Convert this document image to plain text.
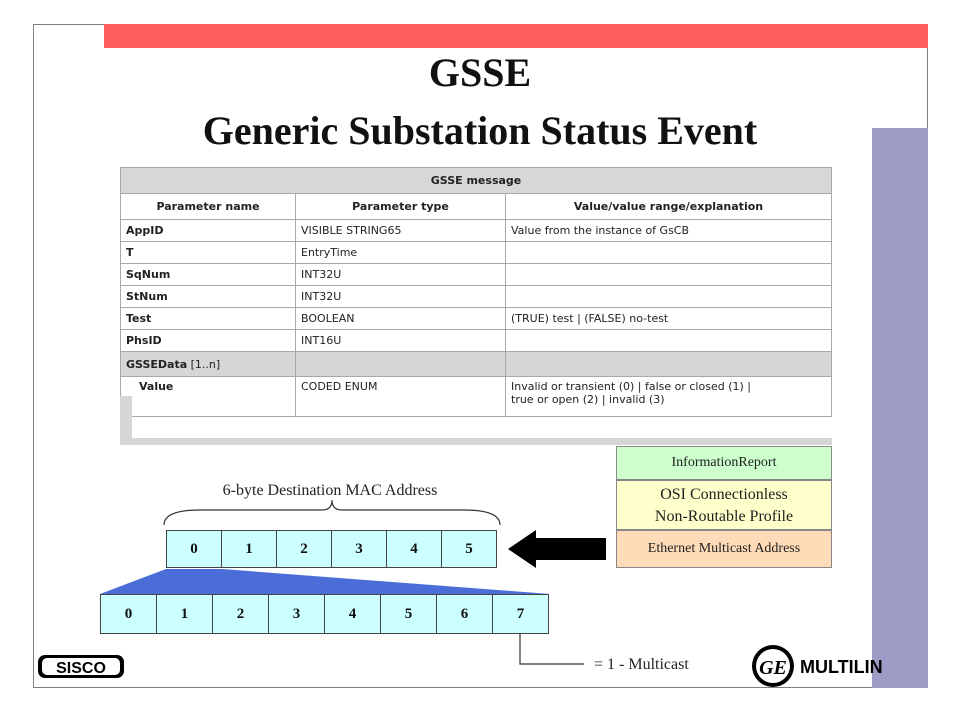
GSSE
Generic Substation Status Event
GSSE message		
Parameter name	Parameter type	Value/value range/explanation
AppID	VISIBLE STRING65	Value from the instance of GsCB
T	EntryTime	
SqNum	INT32U	
StNum	INT32U	
Test	BOOLEAN	(TRUE) test | (FALSE) no-test
PhsID	INT16U	
GSSEData [1..n]		
Value	CODED ENUM	Invalid or transient (0) | false or closed (1) |
true or open (2) | invalid (3)
InformationReport
OSI Connectionless
Non-Routable Profile
Ethernet Multicast Address
GE MULTILIN
SISCO
6-byte Destination MAC Address
0	1	2	3	4	5
0	1	2	3	4	5	6	7
= 1 - Multicast
